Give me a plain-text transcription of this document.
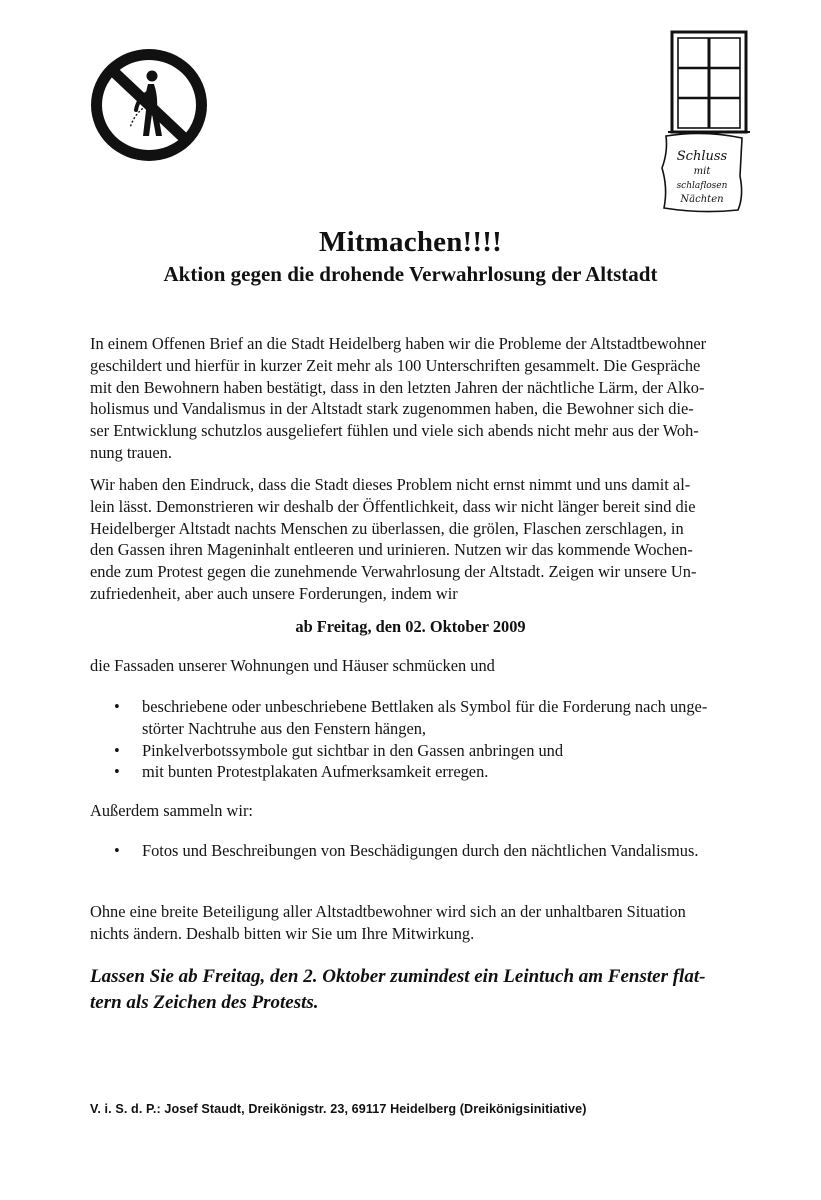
Schluss
mit
schlaflosen
Nächten
Mitmachen!!!!
Aktion gegen die drohende Verwahrlosung der Altstadt

In einem Offenen Brief an die Stadt Heidelberg haben wir die Probleme der Altstadtbewohner
geschildert und hierfür in kurzer Zeit mehr als 100 Unterschriften gesammelt. Die Gespräche
mit den Bewohnern haben bestätigt, dass in den letzten Jahren der nächtliche Lärm, der Alko-
holismus und Vandalismus in der Altstadt stark zugenommen haben, die Bewohner sich die-
ser Entwicklung schutzlos ausgeliefert fühlen und viele sich abends nicht mehr aus der Woh-
nung trauen.

Wir haben den Eindruck, dass die Stadt dieses Problem nicht ernst nimmt und uns damit al-
lein lässt. Demonstrieren wir deshalb der Öffentlichkeit, dass wir nicht länger bereit sind die
Heidelberger Altstadt nachts Menschen zu überlassen, die grölen, Flaschen zerschlagen, in
den Gassen ihren Mageninhalt entleeren und urinieren. Nutzen wir das kommende Wochen-
ende zum Protest gegen die zunehmende Verwahrlosung der Altstadt. Zeigen wir unsere Un-
zufriedenheit, aber auch unsere Forderungen, indem wir

ab Freitag, den 02. Oktober 2009

die Fassaden unserer Wohnungen und Häuser schmücken und

• beschriebene oder unbeschriebene Bettlaken als Symbol für die Forderung nach unge-
störter Nachtruhe aus den Fenstern hängen,
• Pinkelverbotssymbole gut sichtbar in den Gassen anbringen und
• mit bunten Protestplakaten Aufmerksamkeit erregen.

Außerdem sammeln wir:

• Fotos und Beschreibungen von Beschädigungen durch den nächtlichen Vandalismus.

Ohne eine breite Beteiligung aller Altstadtbewohner wird sich an der unhaltbaren Situation
nichts ändern. Deshalb bitten wir Sie um Ihre Mitwirkung.

Lassen Sie ab Freitag, den 2. Oktober zumindest ein Leintuch am Fenster flat-
tern als Zeichen des Protests.

V. i. S. d. P.: Josef Staudt, Dreikönigstr. 23, 69117 Heidelberg (Dreikönigsinitiative)
